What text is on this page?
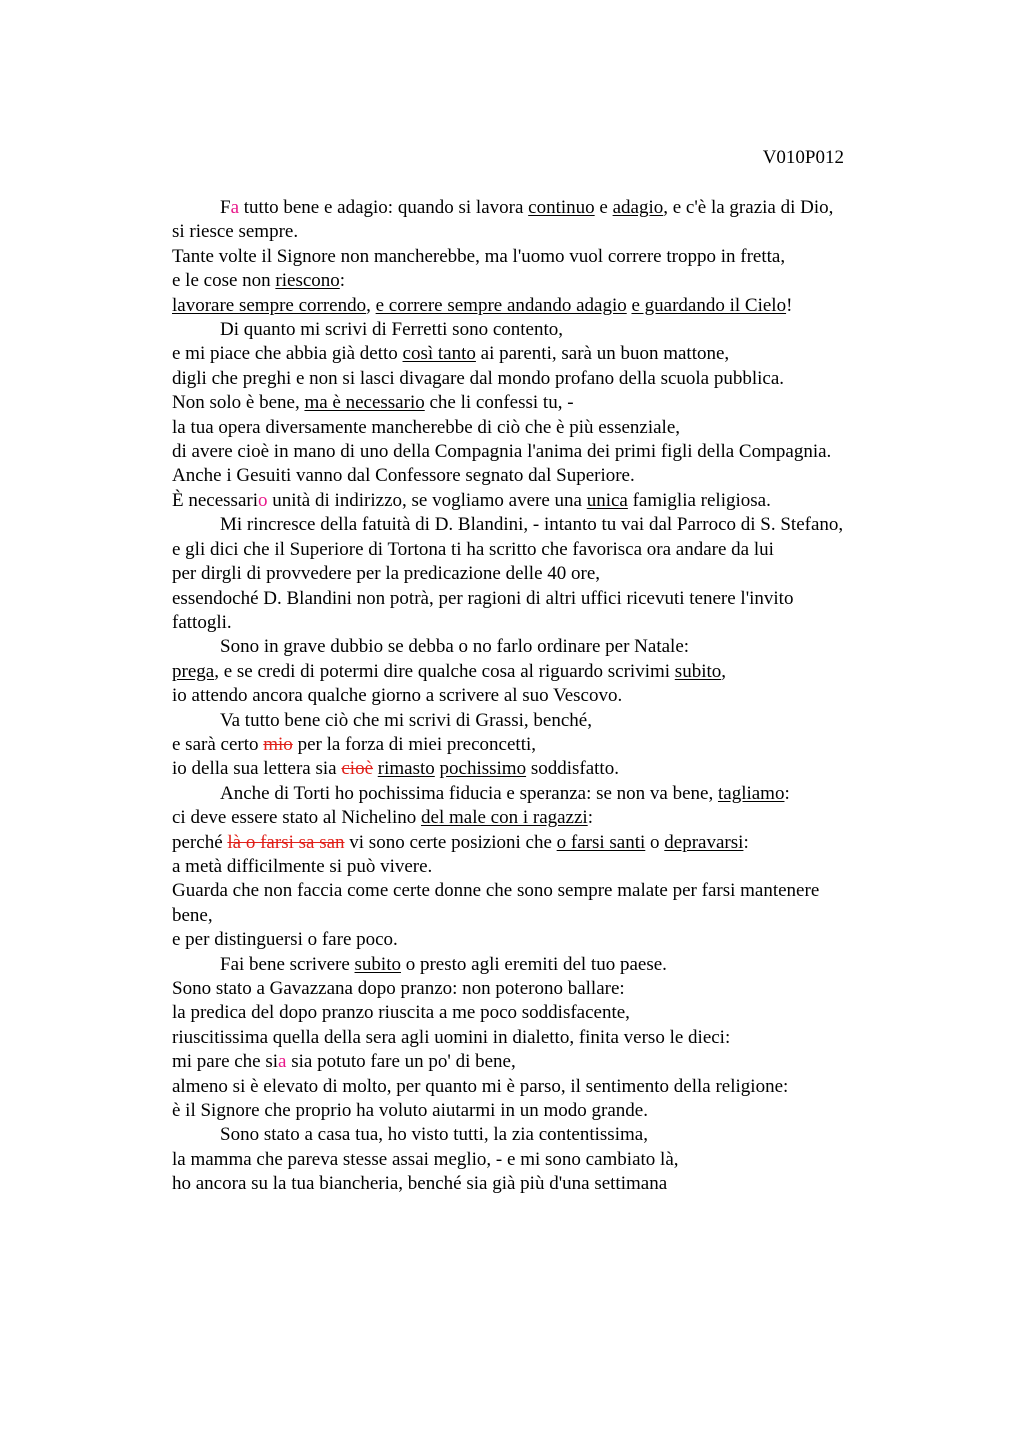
V010P012
Fa tutto bene e adagio: quando si lavora continuo e adagio, e c'è la grazia di Dio,
si riesce sempre.
Tante volte il Signore non mancherebbe, ma l'uomo vuol correre troppo in fretta,
e le cose non riescono:
lavorare sempre correndo, e correre sempre andando adagio e guardando il Cielo!
Di quanto mi scrivi di Ferretti sono contento,
e mi piace che abbia già detto così tanto ai parenti, sarà un buon mattone,
digli che preghi e non si lasci divagare dal mondo profano della scuola pubblica.
Non solo è bene, ma è necessario che li confessi tu, -
la tua opera diversamente mancherebbe di ciò che è più essenziale,
di avere cioè in mano di uno della Compagnia l'anima dei primi figli della Compagnia.
Anche i Gesuiti vanno dal Confessore segnato dal Superiore.
È necessario unità di indirizzo, se vogliamo avere una unica famiglia religiosa.
Mi rincresce della fatuità di D. Blandini, - intanto tu vai dal Parroco di S. Stefano,
e gli dici che il Superiore di Tortona ti ha scritto che favorisca ora andare da lui
per dirgli di provvedere per la predicazione delle 40 ore,
essendoché D. Blandini non potrà, per ragioni di altri uffici ricevuti tenere l'invito
fattogli.
Sono in grave dubbio se debba o no farlo ordinare per Natale:
prega, e se credi di potermi dire qualche cosa al riguardo scrivimi subito,
io attendo ancora qualche giorno a scrivere al suo Vescovo.
Va tutto bene ciò che mi scrivi di Grassi, benché,
e sarà certo mio per la forza di miei preconcetti,
io della sua lettera sia cioè rimasto pochissimo soddisfatto.
Anche di Torti ho pochissima fiducia e speranza: se non va bene, tagliamo:
ci deve essere stato al Nichelino del male con i ragazzi:
perché là o farsi sa san vi sono certe posizioni che o farsi santi o depravarsi:
a metà difficilmente si può vivere.
Guarda che non faccia come certe donne che sono sempre malate per farsi mantenere
bene,
e per distinguersi o fare poco.
Fai bene scrivere subito o presto agli eremiti del tuo paese.
Sono stato a Gavazzana dopo pranzo: non poterono ballare:
la predica del dopo pranzo riuscita a me poco soddisfacente,
riuscitissima quella della sera agli uomini in dialetto, finita verso le dieci:
mi pare che sia sia potuto fare un po' di bene,
almeno si è elevato di molto, per quanto mi è parso, il sentimento della religione:
è il Signore che proprio ha voluto aiutarmi in un modo grande.
Sono stato a casa tua, ho visto tutti, la zia contentissima,
la mamma che pareva stesse assai meglio, - e mi sono cambiato là,
ho ancora su la tua biancheria, benché sia già più d'una settimana
